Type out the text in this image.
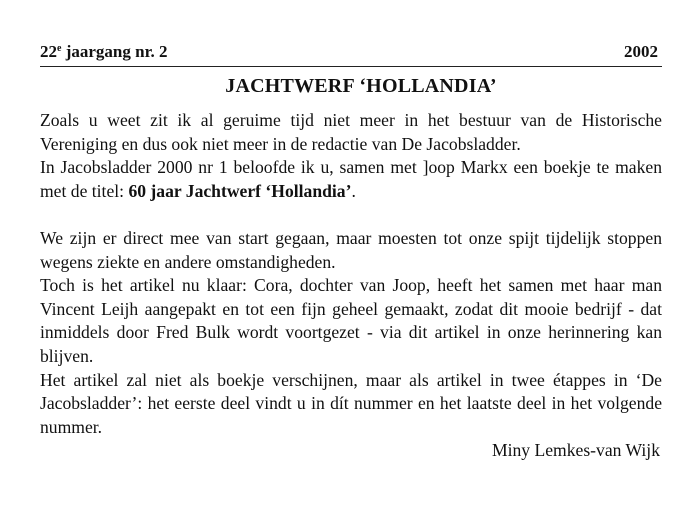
22e jaargang nr. 2	2002
JACHTWERF ‘HOLLANDIA’

Zoals u weet zit ik al geruime tijd niet meer in het bestuur van de Historische Vereniging en dus ook niet meer in de redactie van De Jacobsladder.

In Jacobsladder 2000 nr 1 beloofde ik u, samen met ]oop Markx een boekje te maken met de titel: 60 jaar Jachtwerf ‘Hollandia’.

We zijn er direct mee van start gegaan, maar moesten tot onze spijt tijdelijk stoppen wegens ziekte en andere omstandigheden.

Toch is het artikel nu klaar: Cora, dochter van Joop, heeft het samen met haar man Vincent Leijh aangepakt en tot een fijn geheel gemaakt, zodat dit mooie bedrijf - dat inmiddels door Fred Bulk wordt voortgezet - via dit artikel in onze herinnering kan blijven.

Het artikel zal niet als boekje verschijnen, maar als artikel in twee étappes in ‘De Jacobsladder’: het eerste deel vindt u in dít nummer en het laatste deel in het volgende nummer.

Miny Lemkes-van Wijk
